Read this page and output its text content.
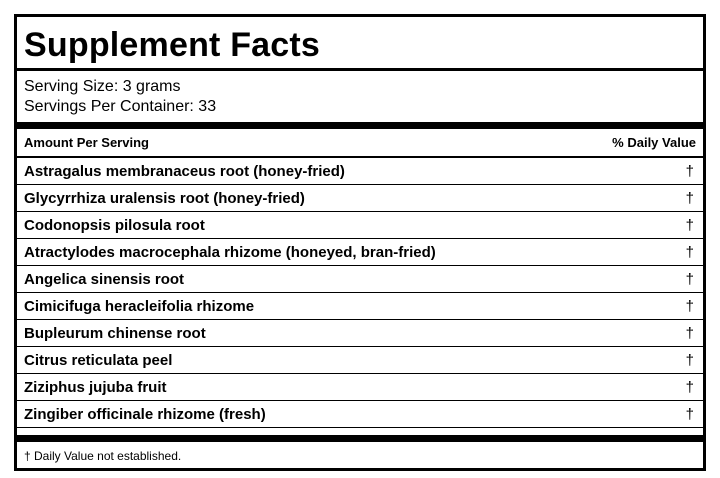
Supplement Facts
Serving Size: 3 grams
Servings Per Container: 33
Amount Per Serving	% Daily Value
Astragalus membranaceus root (honey-fried)	†
Glycyrrhiza uralensis root (honey-fried)	†
Codonopsis pilosula root	†
Atractylodes macrocephala rhizome (honeyed, bran-fried)	†
Angelica sinensis root	†
Cimicifuga heracleifolia rhizome	†
Bupleurum chinense root	†
Citrus reticulata peel	†
Ziziphus jujuba fruit	†
Zingiber officinale rhizome (fresh)	†
† Daily Value not established.
